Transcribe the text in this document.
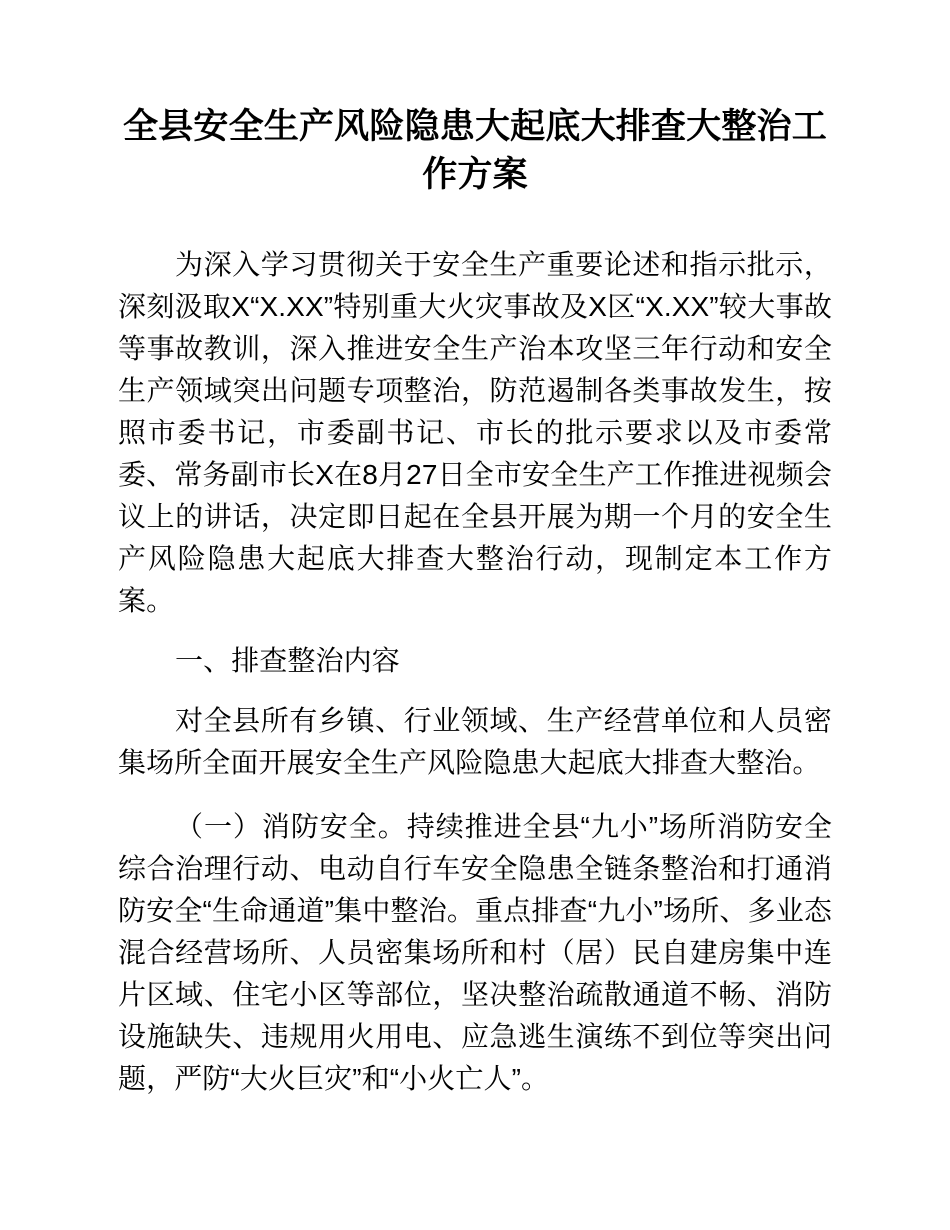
全县安全生产风险隐患大起底大排查大整治工作方案

为深入学习贯彻关于安全生产重要论述和指示批示，深刻汲取X“X.XX”特别重大火灾事故及X区“X.XX”较大事故等事故教训，深入推进安全生产治本攻坚三年行动和安全生产领域突出问题专项整治，防范遏制各类事故发生，按照市委书记，市委副书记、市长的批示要求以及市委常委、常务副市长X在8月27日全市安全生产工作推进视频会议上的讲话，决定即日起在全县开展为期一个月的安全生产风险隐患大起底大排查大整治行动，现制定本工作方案。

一、排查整治内容

对全县所有乡镇、行业领域、生产经营单位和人员密集场所全面开展安全生产风险隐患大起底大排查大整治。

（一）消防安全。持续推进全县“九小”场所消防安全综合治理行动、电动自行车安全隐患全链条整治和打通消防安全“生命通道”集中整治。重点排查“九小”场所、多业态混合经营场所、人员密集场所和村（居）民自建房集中连片区域、住宅小区等部位，坚决整治疏散通道不畅、消防设施缺失、违规用火用电、应急逃生演练不到位等突出问题，严防“大火巨灾”和“小火亡人”。
